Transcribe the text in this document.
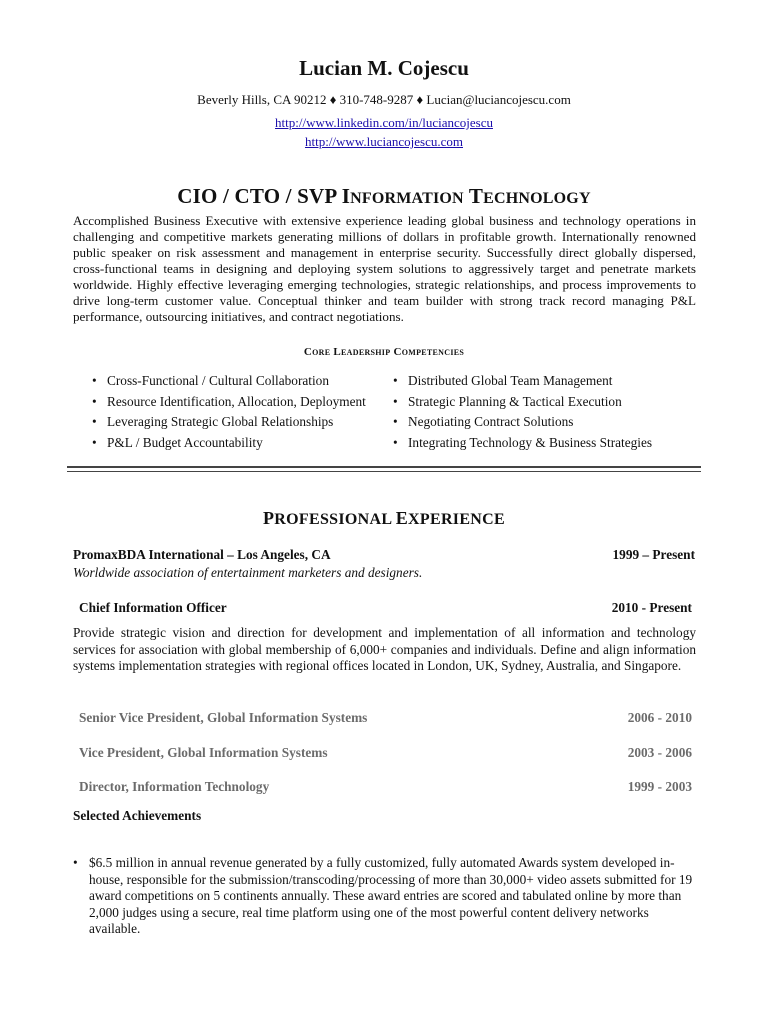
Lucian M. Cojescu
Beverly Hills, CA 90212 ♦ 310-748-9287 ♦ Lucian@luciancojescu.com
http://www.linkedin.com/in/luciancojescu
http://www.luciancojescu.com
CIO / CTO / SVP INFORMATION TECHNOLOGY
Accomplished Business Executive with extensive experience leading global business and technology operations in challenging and competitive markets generating millions of dollars in profitable growth. Internationally renowned public speaker on risk assessment and management in enterprise security. Successfully direct globally dispersed, cross-functional teams in designing and deploying system solutions to aggressively target and penetrate markets worldwide. Highly effective leveraging emerging technologies, strategic relationships, and process improvements to drive long-term customer value. Conceptual thinker and team builder with strong track record managing P&L performance, outsourcing initiatives, and contract negotiations.
Core Leadership Competencies
• Cross-Functional / Cultural Collaboration
• Resource Identification, Allocation, Deployment
• Leveraging Strategic Global Relationships
• P&L / Budget Accountability
• Distributed Global Team Management
• Strategic Planning & Tactical Execution
• Negotiating Contract Solutions
• Integrating Technology & Business Strategies
PROFESSIONAL EXPERIENCE
PromaxBDA International – Los Angeles, CA	1999 – Present
Worldwide association of entertainment marketers and designers.
Chief Information Officer	2010 - Present
Provide strategic vision and direction for development and implementation of all information and technology services for association with global membership of 6,000+ companies and individuals. Define and align information systems implementation strategies with regional offices located in London, UK, Sydney, Australia, and Singapore.
Senior Vice President, Global Information Systems	2006 - 2010
Vice President, Global Information Systems	2003 - 2006
Director, Information Technology	1999 - 2003
Selected Achievements
• $6.5 million in annual revenue generated by a fully customized, fully automated Awards system developed in-house, responsible for the submission/transcoding/processing of more than 30,000+ video assets submitted for 19 award competitions on 5 continents annually. These award entries are scored and tabulated online by more than 2,000 judges using a secure, real time platform using one of the most powerful content delivery networks available.
